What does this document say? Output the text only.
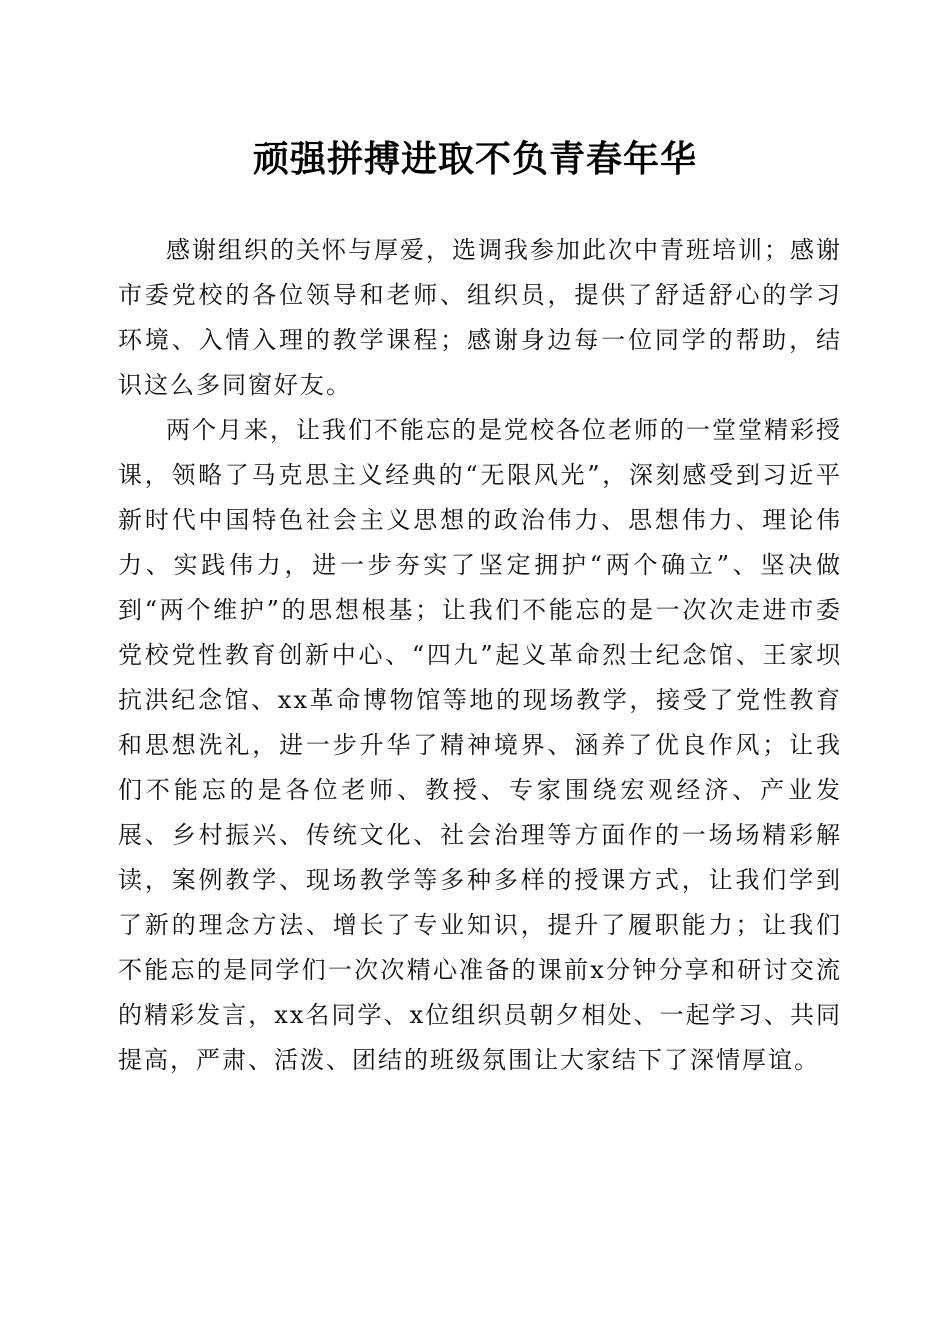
顽强拼搏进取不负青春年华

感谢组织的关怀与厚爱，选调我参加此次中青班培训；感谢市委党校的各位领导和老师、组织员，提供了舒适舒心的学习环境、入情入理的教学课程；感谢身边每一位同学的帮助，结识这么多同窗好友。

两个月来，让我们不能忘的是党校各位老师的一堂堂精彩授课，领略了马克思主义经典的“无限风光”，深刻感受到习近平新时代中国特色社会主义思想的政治伟力、思想伟力、理论伟力、实践伟力，进一步夯实了坚定拥护“两个确立”、坚决做到“两个维护”的思想根基；让我们不能忘的是一次次走进市委党校党性教育创新中心、“四九”起义革命烈士纪念馆、王家坝抗洪纪念馆、xx革命博物馆等地的现场教学，接受了党性教育和思想洗礼，进一步升华了精神境界、涵养了优良作风；让我们不能忘的是各位老师、教授、专家围绕宏观经济、产业发展、乡村振兴、传统文化、社会治理等方面作的一场场精彩解读，案例教学、现场教学等多种多样的授课方式，让我们学到了新的理念方法、增长了专业知识，提升了履职能力；让我们不能忘的是同学们一次次精心准备的课前x分钟分享和研讨交流的精彩发言，xx名同学、x位组织员朝夕相处、一起学习、共同提高，严肃、活泼、团结的班级氛围让大家结下了深情厚谊。
